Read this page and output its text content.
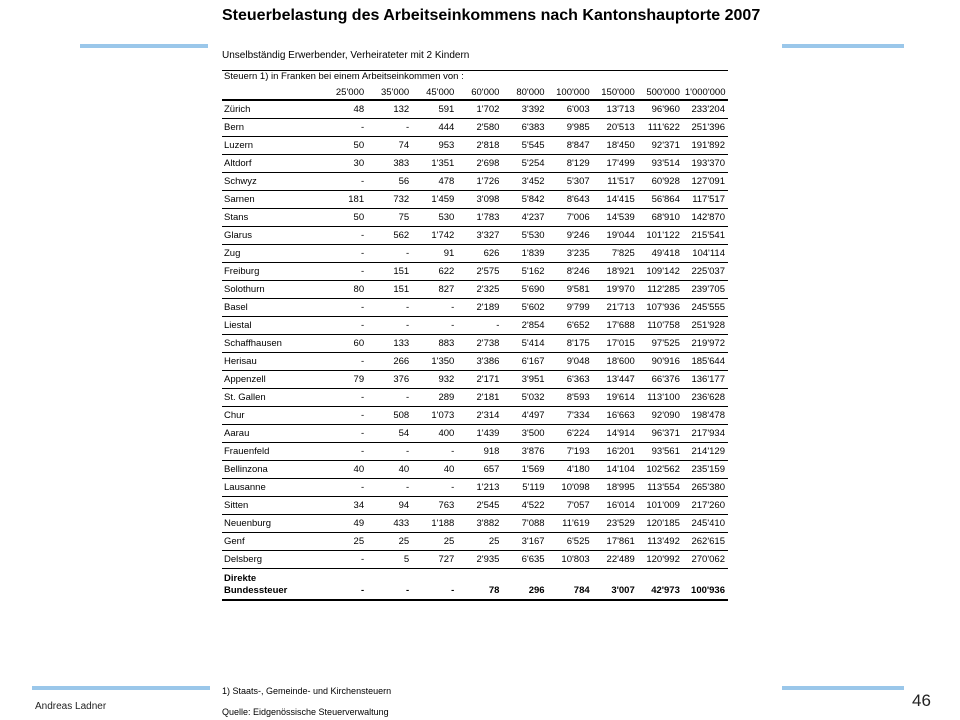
Steuerbelastung des Arbeitseinkommens nach Kantonshauptorte 2007
Unselbständig Erwerbender, Verheirateter mit 2 Kindern
Steuern 1) in Franken bei einem Arbeitseinkommen von :									
	25'000	35'000	45'000	60'000	80'000	100'000	150'000	500'000	1'000'000
Zürich	48	132	591	1'702	3'392	6'003	13'713	96'960	233'204
Bern	-	-	444	2'580	6'383	9'985	20'513	111'622	251'396
Luzern	50	74	953	2'818	5'545	8'847	18'450	92'371	191'892
Altdorf	30	383	1'351	2'698	5'254	8'129	17'499	93'514	193'370
Schwyz	-	56	478	1'726	3'452	5'307	11'517	60'928	127'091
Sarnen	181	732	1'459	3'098	5'842	8'643	14'415	56'864	117'517
Stans	50	75	530	1'783	4'237	7'006	14'539	68'910	142'870
Glarus	-	562	1'742	3'327	5'530	9'246	19'044	101'122	215'541
Zug	-	-	91	626	1'839	3'235	7'825	49'418	104'114
Freiburg	-	151	622	2'575	5'162	8'246	18'921	109'142	225'037
Solothurn	80	151	827	2'325	5'690	9'581	19'970	112'285	239'705
Basel	-	-	-	2'189	5'602	9'799	21'713	107'936	245'555
Liestal	-	-	-	-	2'854	6'652	17'688	110'758	251'928
Schaffhausen	60	133	883	2'738	5'414	8'175	17'015	97'525	219'972
Herisau	-	266	1'350	3'386	6'167	9'048	18'600	90'916	185'644
Appenzell	79	376	932	2'171	3'951	6'363	13'447	66'376	136'177
St. Gallen	-	-	289	2'181	5'032	8'593	19'614	113'100	236'628
Chur	-	508	1'073	2'314	4'497	7'334	16'663	92'090	198'478
Aarau	-	54	400	1'439	3'500	6'224	14'914	96'371	217'934
Frauenfeld	-	-	-	918	3'876	7'193	16'201	93'561	214'129
Bellinzona	40	40	40	657	1'569	4'180	14'104	102'562	235'159
Lausanne	-	-	-	1'213	5'119	10'098	18'995	113'554	265'380
Sitten	34	94	763	2'545	4'522	7'057	16'014	101'009	217'260
Neuenburg	49	433	1'188	3'882	7'088	11'619	23'529	120'185	245'410
Genf	25	25	25	25	3'167	6'525	17'861	113'492	262'615
Delsberg	-	5	727	2'935	6'635	10'803	22'489	120'992	270'062
Direkte Bundessteuer	-	-	-	78	296	784	3'007	42'973	100'936
1) Staats-, Gemeinde- und Kirchensteuern
Quelle: Eidgenössische Steuerverwaltung
Andreas Ladner	46
